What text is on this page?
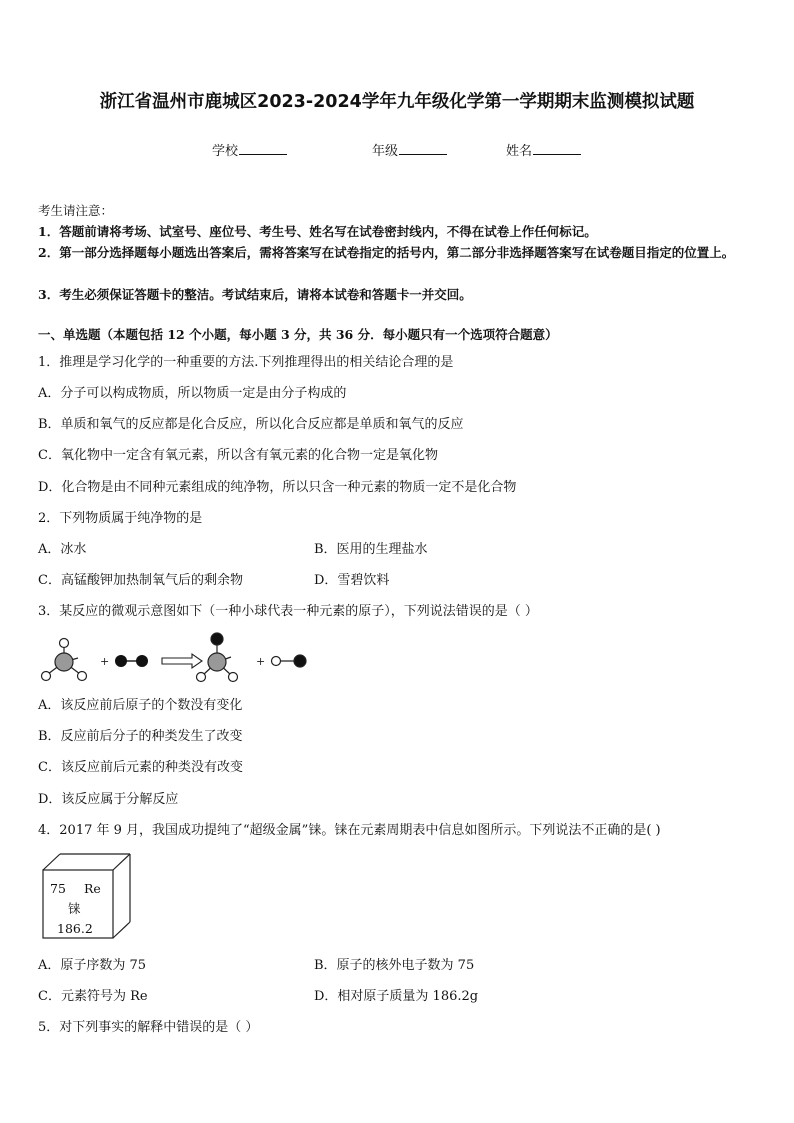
浙江省温州市鹿城区2023-2024学年九年级化学第一学期期末监测模拟试题
学校	年级	姓名
考生请注意：
1．答题前请将考场、试室号、座位号、考生号、姓名写在试卷密封线内，不得在试卷上作任何标记。
2．第一部分选择题每小题选出答案后，需将答案写在试卷指定的括号内，第二部分非选择题答案写在试卷题目指定的位置上。
3．考生必须保证答题卡的整洁。考试结束后，请将本试卷和答题卡一并交回。
一、单选题（本题包括 12 个小题，每小题 3 分，共 36 分．每小题只有一个选项符合题意）
1．推理是学习化学的一种重要的方法.下列推理得出的相关结论合理的是
A．分子可以构成物质，所以物质一定是由分子构成的
B．单质和氧气的反应都是化合反应，所以化合反应都是单质和氧气的反应
C．氧化物中一定含有氧元素，所以含有氧元素的化合物一定是氧化物
D．化合物是由不同种元素组成的纯净物，所以只含一种元素的物质一定不是化合物
2．下列物质属于纯净物的是
A．冰水	B．医用的生理盐水
C．高锰酸钾加热制氧气后的剩余物	D．雪碧饮料
3．某反应的微观示意图如下（一种小球代表一种元素的原子），下列说法错误的是（ ）
+	+
A．该反应前后原子的个数没有变化
B．反应前后分子的种类发生了改变
C．该反应前后元素的种类没有改变
D．该反应属于分解反应
4．2017 年 9 月，我国成功提纯了“超级金属”铼。铼在元素周期表中信息如图所示。下列说法不正确的是( )
75 Re
铼
186.2
A．原子序数为 75	B．原子的核外电子数为 75
C．元素符号为 Re	D．相对原子质量为 186.2g
5．对下列事实的解释中错误的是（ ）
